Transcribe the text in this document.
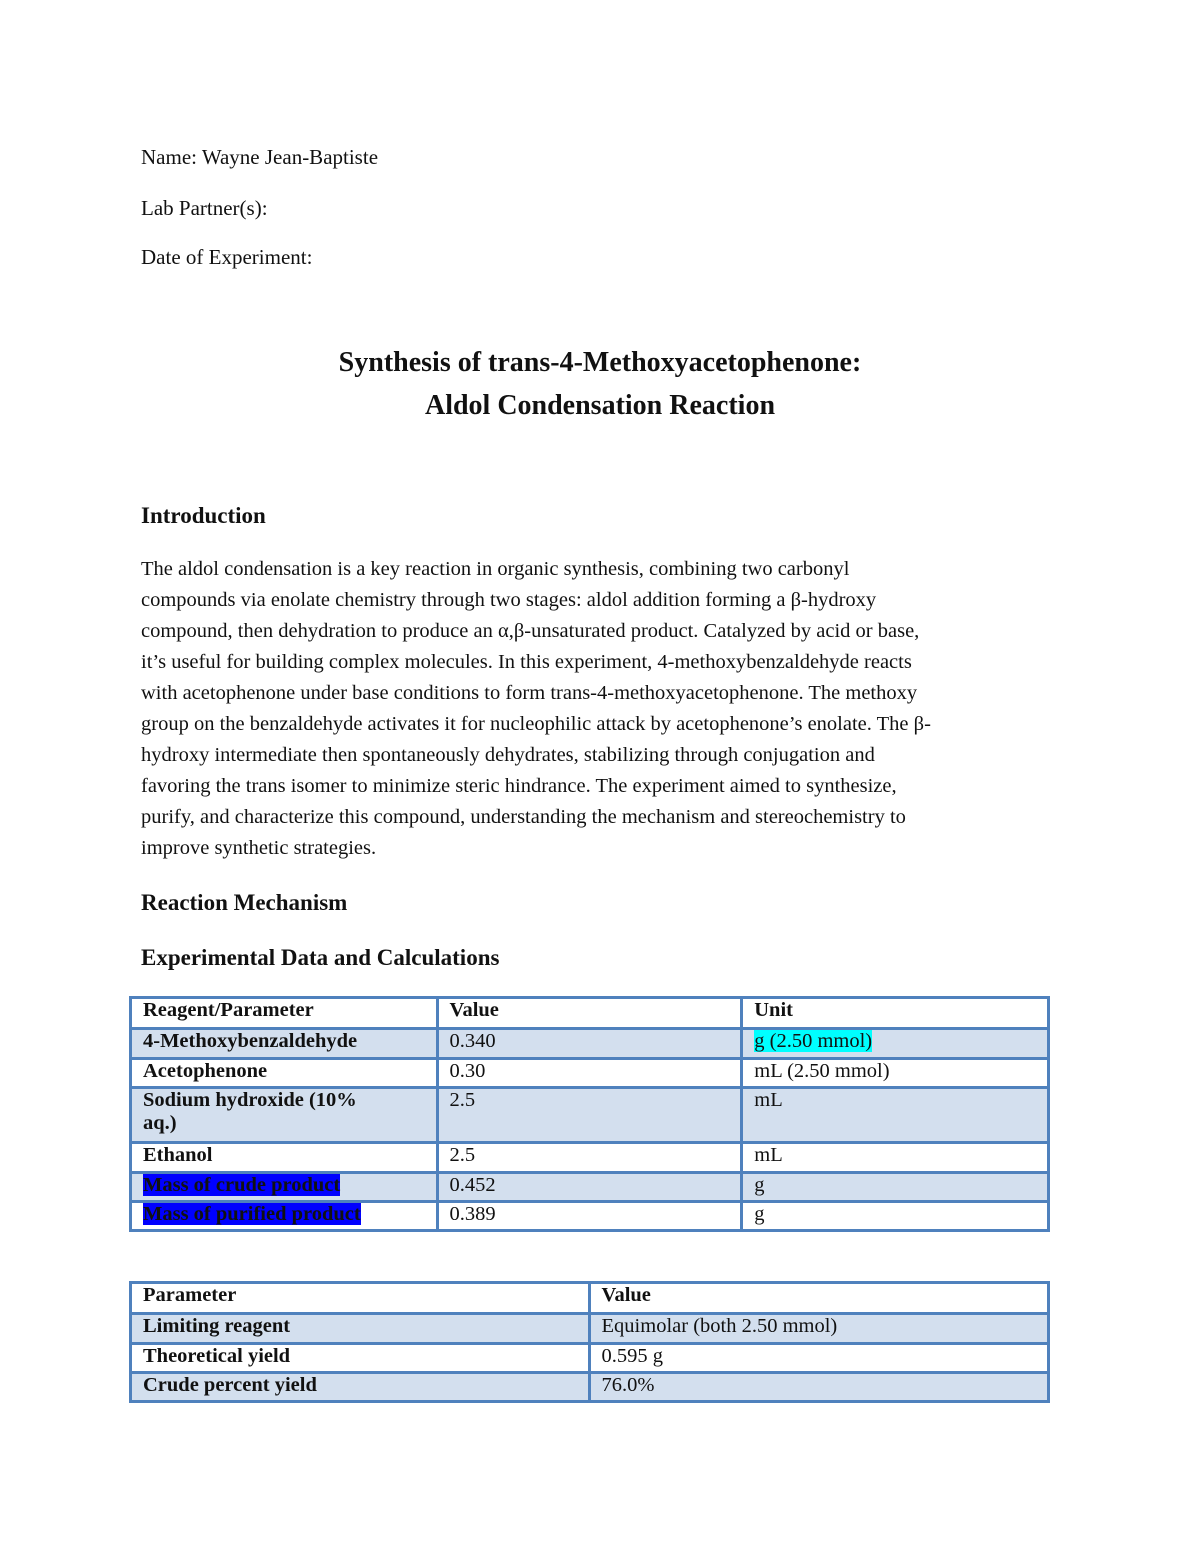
Name: Wayne Jean-Baptiste
Lab Partner(s):
Date of Experiment:
Synthesis of trans-4-Methoxyacetophenone:
Aldol Condensation Reaction
Introduction
The aldol condensation is a key reaction in organic synthesis, combining two carbonyl
compounds via enolate chemistry through two stages: aldol addition forming a β-hydroxy
compound, then dehydration to produce an α,β-unsaturated product. Catalyzed by acid or base,
it’s useful for building complex molecules. In this experiment, 4-methoxybenzaldehyde reacts
with acetophenone under base conditions to form trans-4-methoxyacetophenone. The methoxy
group on the benzaldehyde activates it for nucleophilic attack by acetophenone’s enolate. The β-
hydroxy intermediate then spontaneously dehydrates, stabilizing through conjugation and
favoring the trans isomer to minimize steric hindrance. The experiment aimed to synthesize,
purify, and characterize this compound, understanding the mechanism and stereochemistry to
improve synthetic strategies.
Reaction Mechanism
Experimental Data and Calculations
Reagent/Parameter	Value	Unit
4-Methoxybenzaldehyde	0.340	g (2.50 mmol)
Acetophenone	0.30	mL (2.50 mmol)
Sodium hydroxide (10%
aq.)	2.5	mL
Ethanol	2.5	mL
Mass of crude product	0.452	g
Mass of purified product	0.389	g
Parameter	Value
Limiting reagent	Equimolar (both 2.50 mmol)
Theoretical yield	0.595 g
Crude percent yield	76.0%
